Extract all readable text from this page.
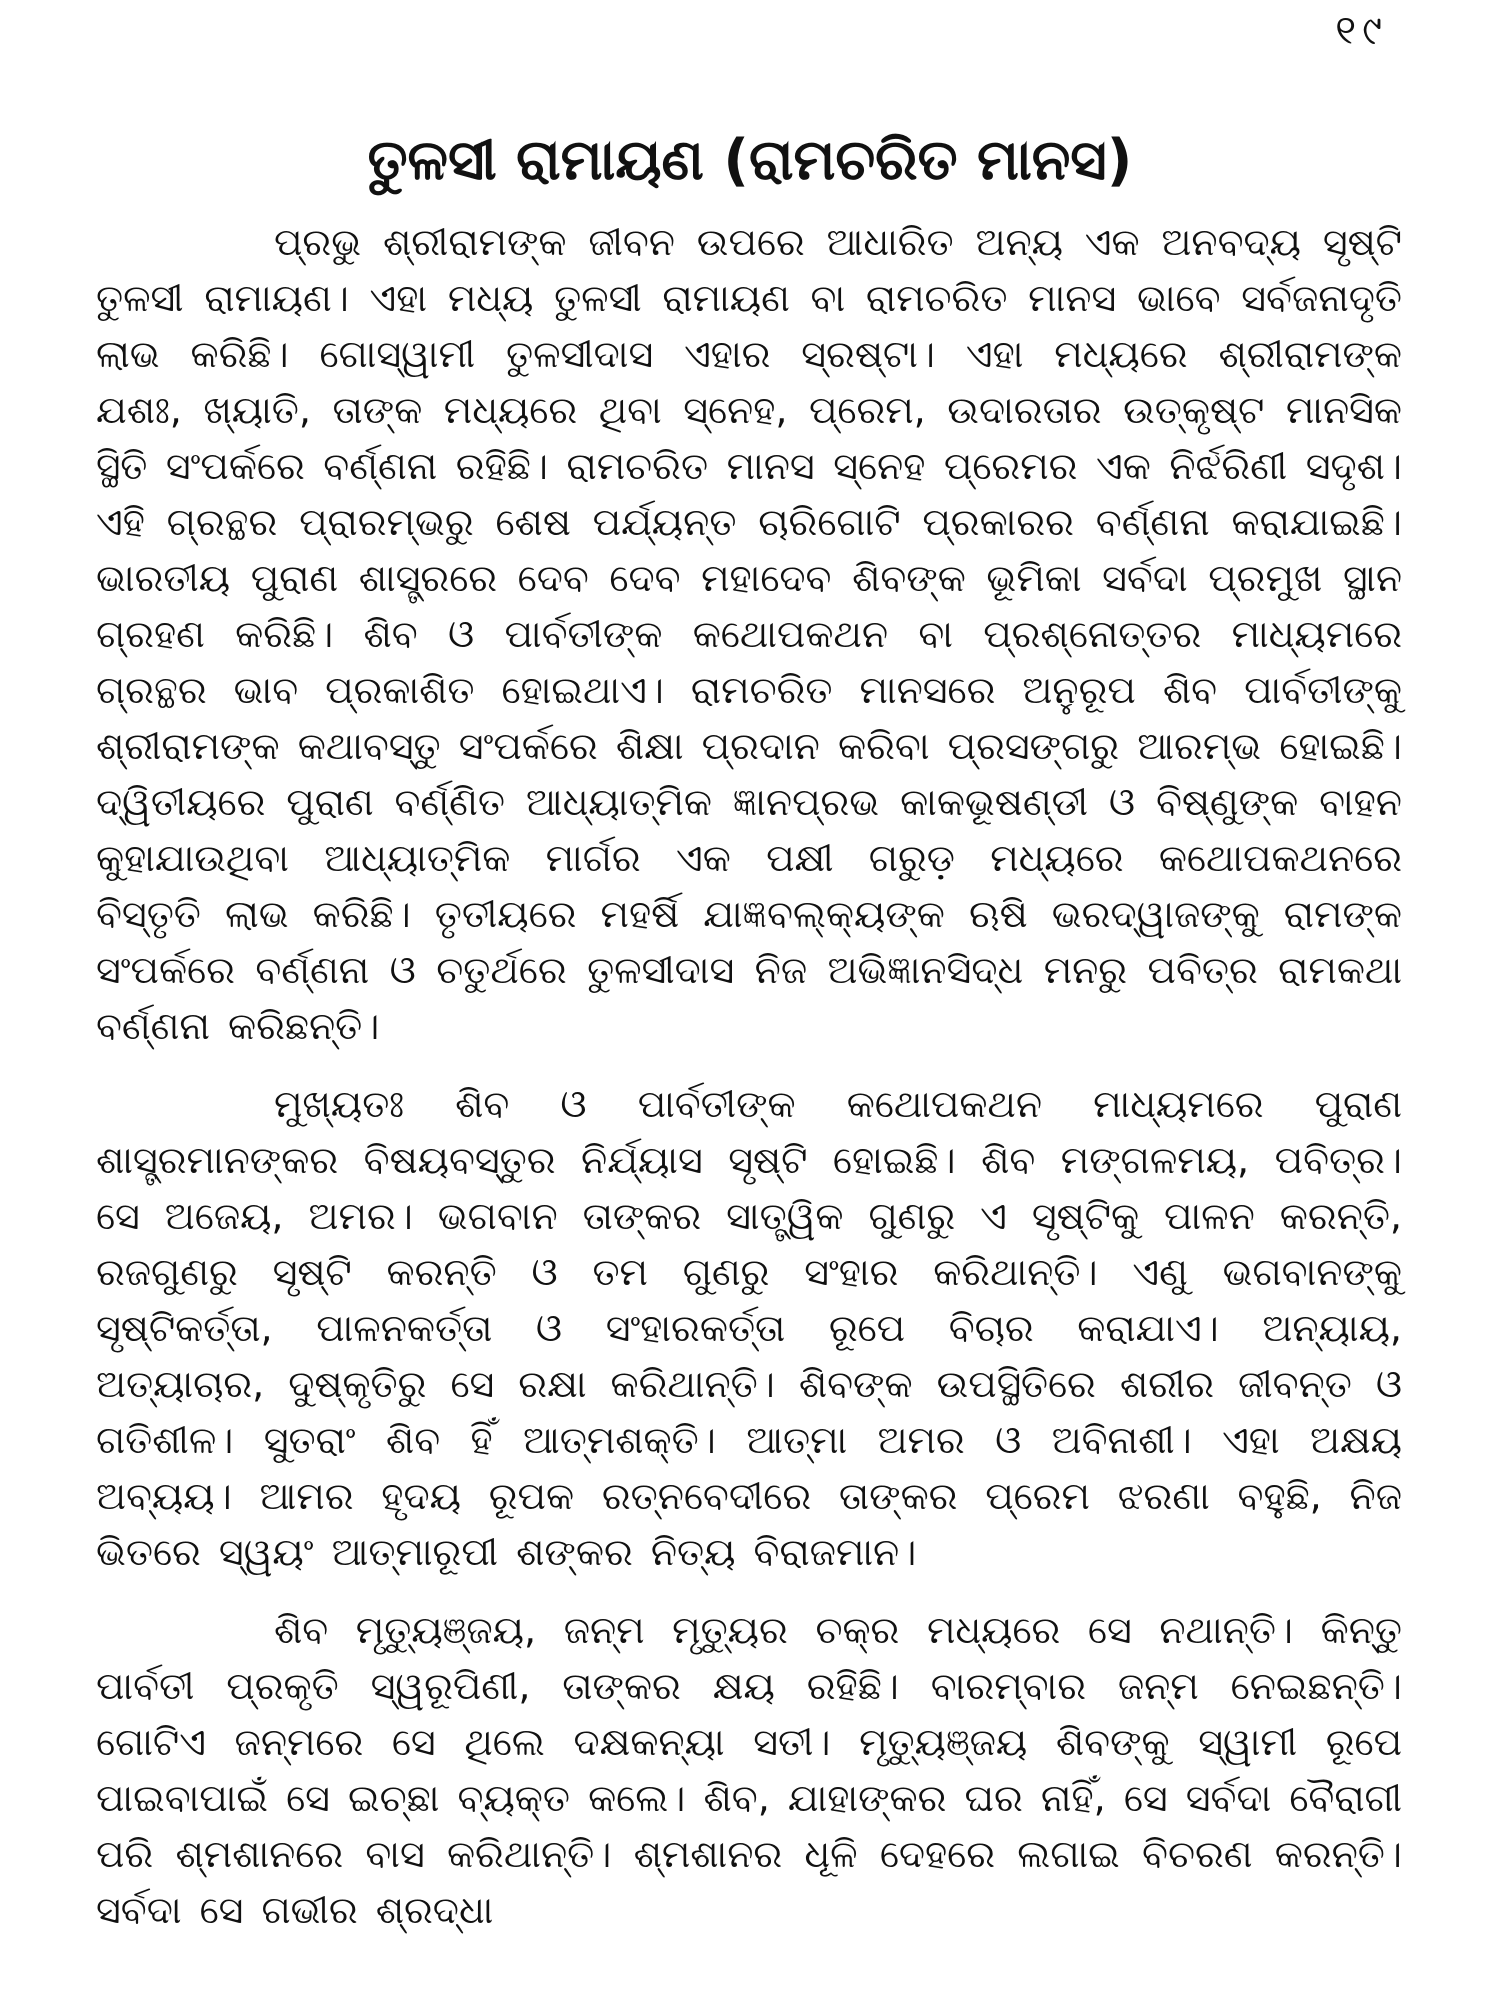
୧୯
ତୁଳସୀ ରାମାୟଣ (ରାମଚରିତ ମାନସ)

ପ୍ରଭୁ ଶ୍ରୀରାମଙ୍କ ଜୀବନ ଉପରେ ଆଧାରିତ ଅନ୍ୟ ଏକ ଅନବଦ୍ୟ ସୃଷ୍ଟି ତୁଳସୀ ରାମାୟଣ। ଏହା ମଧ୍ୟ ତୁଳସୀ ରାମାୟଣ ବା ରାମଚରିତ ମାନସ ଭାବେ ସର୍ବଜନାଦୃତି ଲାଭ କରିଛି। ଗୋସ୍ୱାମୀ ତୁଳସୀଦାସ ଏହାର ସ୍ରଷ୍ଟା। ଏହା ମଧ୍ୟରେ ଶ୍ରୀରାମଙ୍କ ଯଶଃ, ଖ୍ୟାତି, ତାଙ୍କ ମଧ୍ୟରେ ଥିବା ସ୍ନେହ, ପ୍ରେମ, ଉଦାରତାର ଉତ୍କୃଷ୍ଟ ମାନସିକ ସ୍ଥିତି ସଂପର୍କରେ ବର୍ଣ୍ଣନା ରହିଛି। ରାମଚରିତ ମାନସ ସ୍ନେହ ପ୍ରେମର ଏକ ନିର୍ଝରିଣୀ ସଦୃଶ। ଏହି ଗ୍ରନ୍ଥର ପ୍ରାରମ୍ଭରୁ ଶେଷ ପର୍ଯ୍ୟନ୍ତ ଚାରିଗୋଟି ପ୍ରକାରର ବର୍ଣ୍ଣନା କରାଯାଇଛି। ଭାରତୀୟ ପୁରାଣ ଶାସ୍ତ୍ରରେ ଦେବ ଦେବ ମହାଦେବ ଶିବଙ୍କ ଭୂମିକା ସର୍ବଦା ପ୍ରମୁଖ ସ୍ଥାନ ଗ୍ରହଣ କରିଛି। ଶିବ ଓ ପାର୍ବତୀଙ୍କ କଥୋପକଥନ ବା ପ୍ରଶ୍ନୋତ୍ତର ମାଧ୍ୟମରେ ଗ୍ରନ୍ଥର ଭାବ ପ୍ରକାଶିତ ହୋଇଥାଏ। ରାମଚରିତ ମାନସରେ ଅନୁରୂପ ଶିବ ପାର୍ବତୀଙ୍କୁ ଶ୍ରୀରାମଙ୍କ କଥାବସ୍ତୁ ସଂପର୍କରେ ଶିକ୍ଷା ପ୍ରଦାନ କରିବା ପ୍ରସଙ୍ଗରୁ ଆରମ୍ଭ ହୋଇଛି। ଦ୍ୱିତୀୟରେ ପୁରାଣ ବର୍ଣ୍ଣିତ ଆଧ୍ୟାତ୍ମିକ ଜ୍ଞାନପ୍ରଭ କାକଭୂଷଣ୍ଡୀ ଓ ବିଷ୍ଣୁଙ୍କ ବାହନ କୁହାଯାଉଥିବା ଆଧ୍ୟାତ୍ମିକ ମାର୍ଗର ଏକ ପକ୍ଷୀ ଗରୁଡ଼ ମଧ୍ୟରେ କଥୋପକଥନରେ ବିସ୍ତୃତି ଲାଭ କରିଛି। ତୃତୀୟରେ ମହର୍ଷି ଯାଜ୍ଞବଲ୍କ୍ୟଙ୍କ ଋଷି ଭରଦ୍ୱାଜଙ୍କୁ ରାମଙ୍କ ସଂପର୍କରେ ବର୍ଣ୍ଣନା ଓ ଚତୁର୍ଥରେ ତୁଳସୀଦାସ ନିଜ ଅଭିଜ୍ଞାନସିଦ୍ଧ ମନରୁ ପବିତ୍ର ରାମକଥା ବର୍ଣ୍ଣନା କରିଛନ୍ତି।

ମୁଖ୍ୟତଃ ଶିବ ଓ ପାର୍ବତୀଙ୍କ କଥୋପକଥନ ମାଧ୍ୟମରେ ପୁରାଣ ଶାସ୍ତ୍ରମାନଙ୍କର ବିଷୟବସ୍ତୁର ନିର୍ଯ୍ୟାସ ସୃଷ୍ଟି ହୋଇଛି। ଶିବ ମଙ୍ଗଳମୟ, ପବିତ୍ର। ସେ ଅଜେୟ, ଅମର। ଭଗବାନ ତାଙ୍କର ସାତ୍ତ୍ୱିକ ଗୁଣରୁ ଏ ସୃଷ୍ଟିକୁ ପାଳନ କରନ୍ତି, ରଜଗୁଣରୁ ସୃଷ୍ଟି କରନ୍ତି ଓ ତମ ଗୁଣରୁ ସଂହାର କରିଥାନ୍ତି। ଏଣୁ ଭଗବାନଙ୍କୁ ସୃଷ୍ଟିକର୍ତ୍ତା, ପାଳନକର୍ତ୍ତା ଓ ସଂହାରକର୍ତ୍ତା ରୂପେ ବିଚାର କରାଯାଏ। ଅନ୍ୟାୟ, ଅତ୍ୟାଚାର, ଦୁଷ୍କୃତିରୁ ସେ ରକ୍ଷା କରିଥାନ୍ତି। ଶିବଙ୍କ ଉପସ୍ଥିତିରେ ଶରୀର ଜୀବନ୍ତ ଓ ଗତିଶୀଳ। ସୁତରାଂ ଶିବ ହିଁ ଆତ୍ମଶକ୍ତି। ଆତ୍ମା ଅମର ଓ ଅବିନାଶୀ। ଏହା ଅକ୍ଷୟ ଅବ୍ୟୟ। ଆମର ହୃଦୟ ରୂପକ ରତ୍ନବେଦୀରେ ତାଙ୍କର ପ୍ରେମ ଝରଣା ବହୁଛି, ନିଜ ଭିତରେ ସ୍ୱୟଂ ଆତ୍ମାରୂପୀ ଶଙ୍କର ନିତ୍ୟ ବିରାଜମାନ।

ଶିବ ମୃତ୍ୟୁଞ୍ଜୟ, ଜନ୍ମ ମୃତ୍ୟୁର ଚକ୍ର ମଧ୍ୟରେ ସେ ନଥାନ୍ତି। କିନ୍ତୁ ପାର୍ବତୀ ପ୍ରକୃତି ସ୍ୱରୂପିଣୀ, ତାଙ୍କର କ୍ଷୟ ରହିଛି। ବାରମ୍ବାର ଜନ୍ମ ନେଇଛନ୍ତି। ଗୋଟିଏ ଜନ୍ମରେ ସେ ଥିଲେ ଦକ୍ଷକନ୍ୟା ସତୀ। ମୃତ୍ୟୁଞ୍ଜୟ ଶିବଙ୍କୁ ସ୍ୱାମୀ ରୂପେ ପାଇବାପାଇଁ ସେ ଇଚ୍ଛା ବ୍ୟକ୍ତ କଲେ। ଶିବ, ଯାହାଙ୍କର ଘର ନାହିଁ, ସେ ସର୍ବଦା ବୈରାଗୀ ପରି ଶ୍ମଶାନରେ ବାସ କରିଥାନ୍ତି। ଶ୍ମଶାନର ଧୂଳି ଦେହରେ ଲଗାଇ ବିଚରଣ କରନ୍ତି। ସର୍ବଦା ସେ ଗଭୀର ଶ୍ରଦ୍ଧା
